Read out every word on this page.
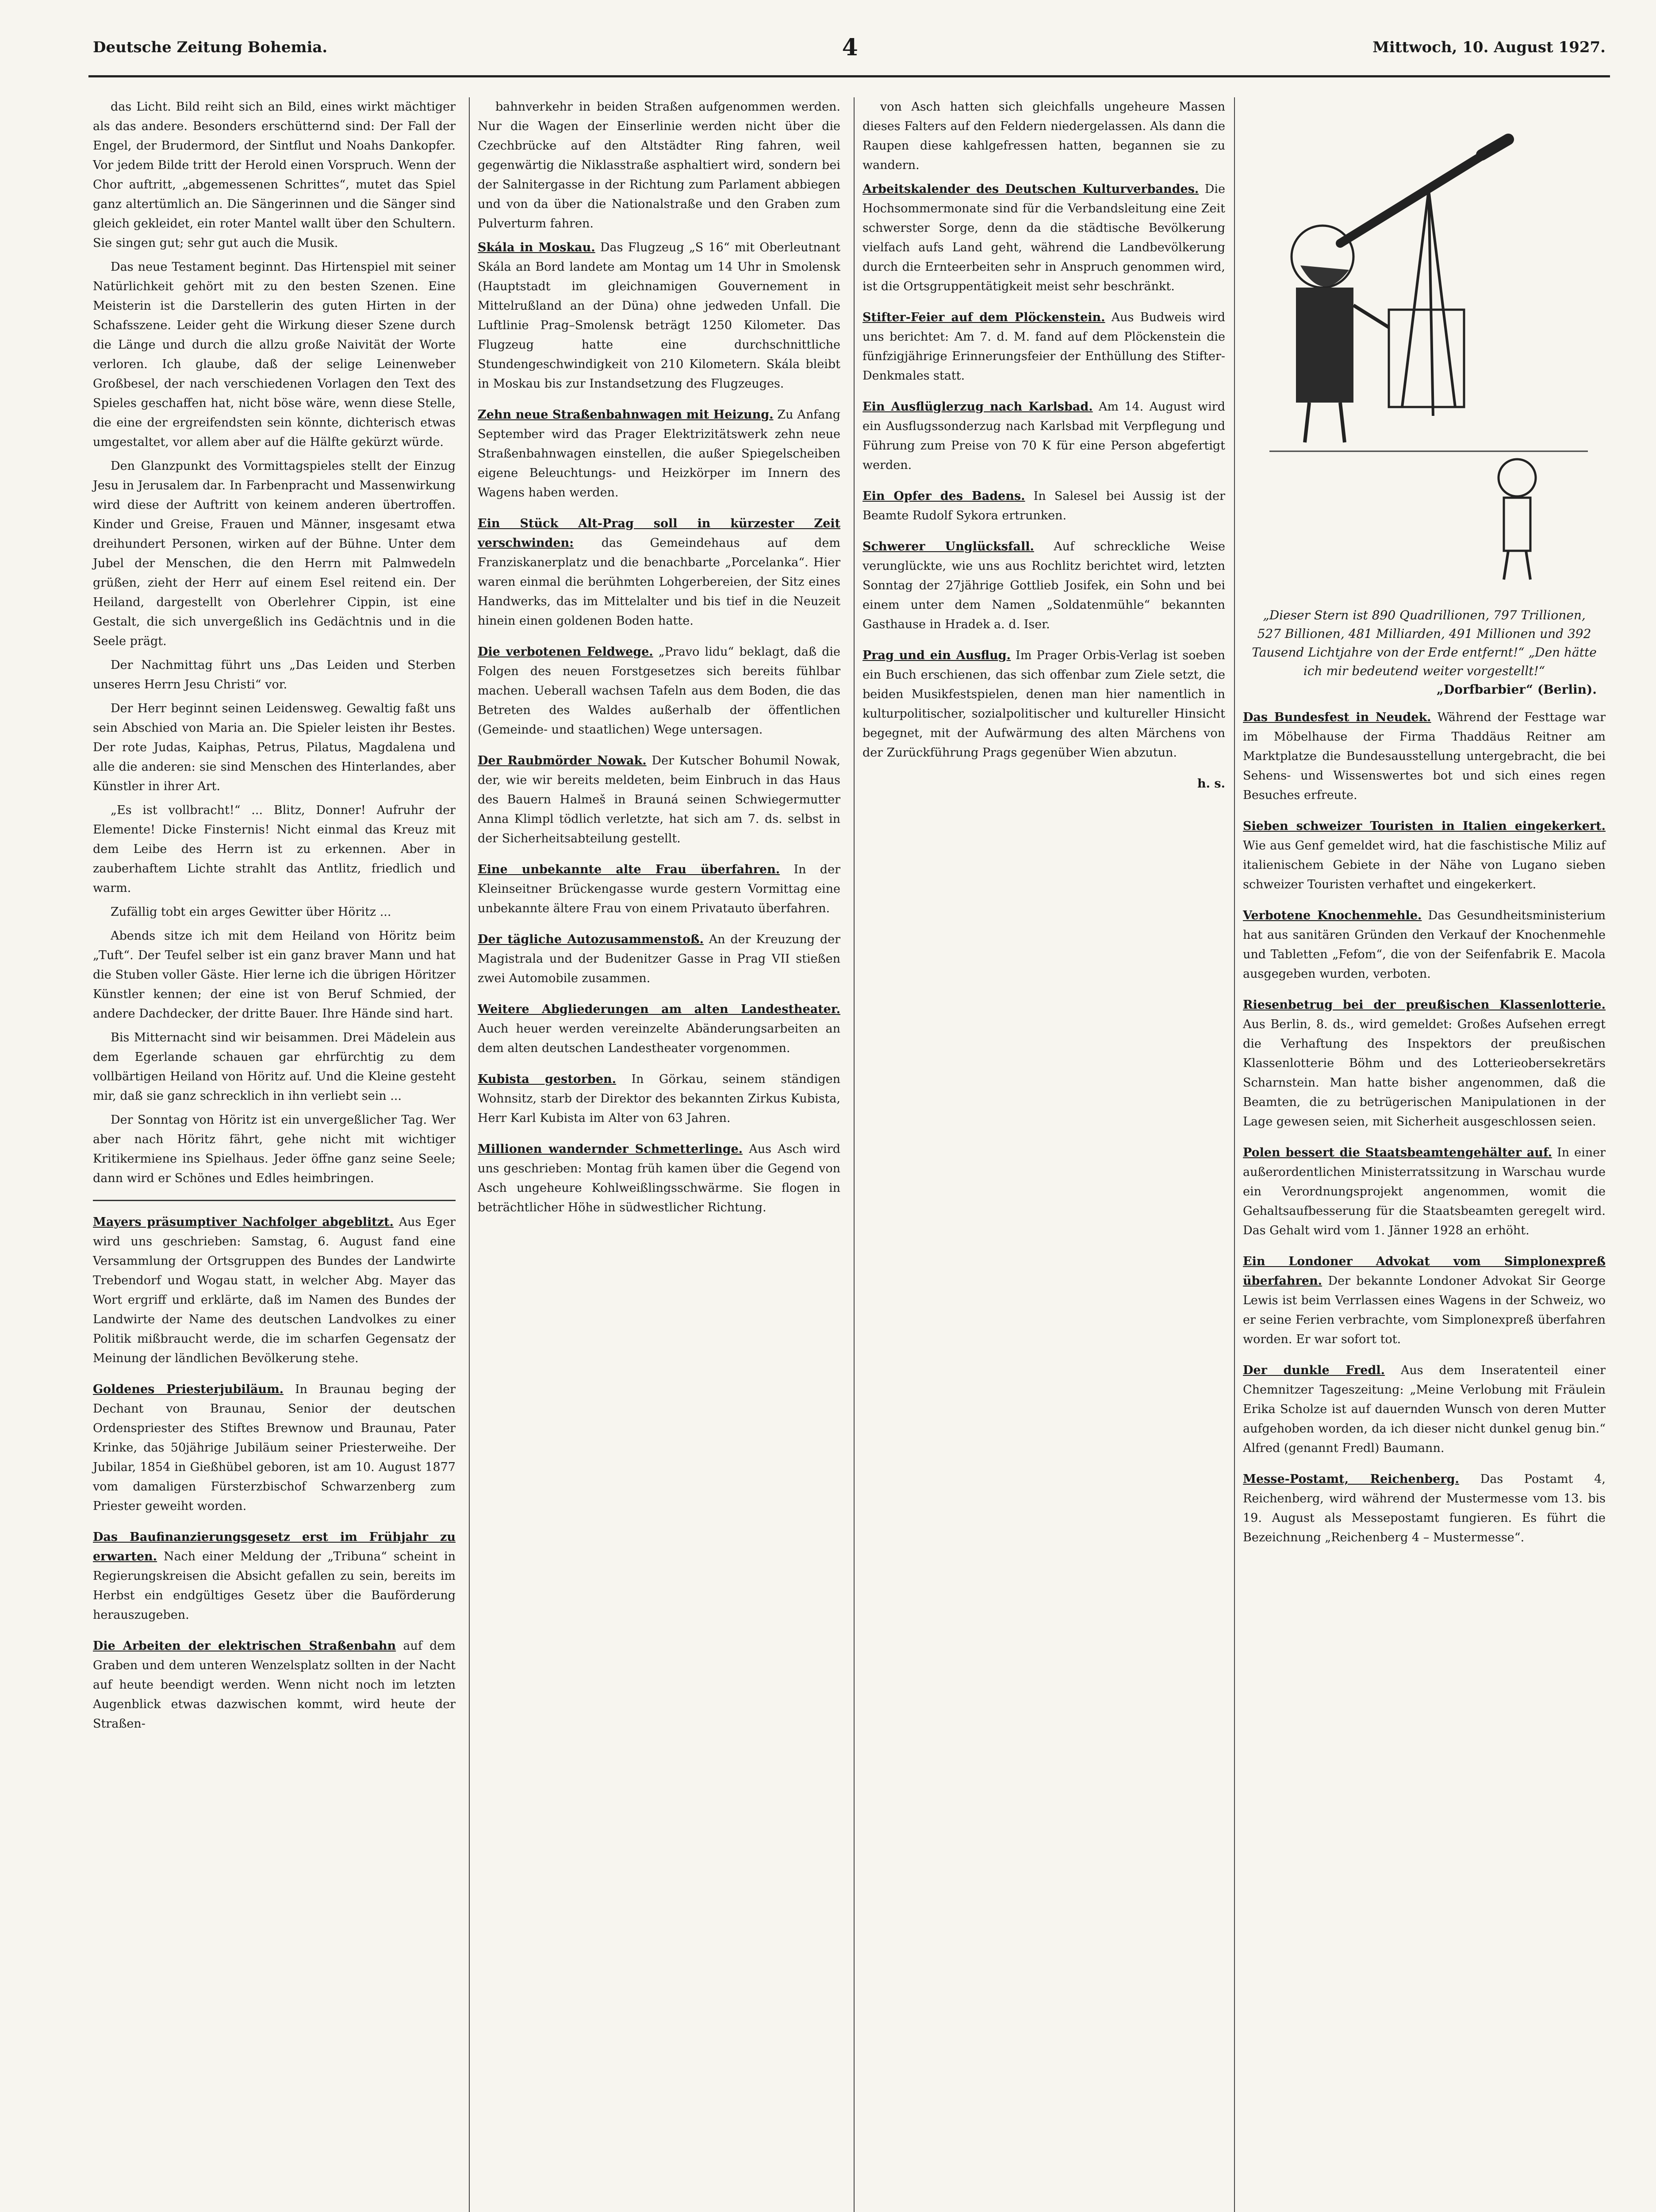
Deutsche Zeitung Bohemia.	4	Mittwoch, 10. August 1927.

das Licht. Bild reiht sich an Bild, eines wirkt mächtiger als das andere. Besonders erschütternd sind: Der Fall der Engel, der Brudermord, der Sintflut und Noahs Dankopfer. Vor jedem Bilde tritt der Herold einen Vorspruch. Wenn der Chor auftritt, „abgemessenen Schrittes“, mutet das Spiel ganz altertümlich an. Die Sängerinnen und die Sänger sind gleich gekleidet, ein roter Mantel wallt über den Schultern. Sie singen gut; sehr gut auch die Musik.

Das neue Testament beginnt. Das Hirtenspiel mit seiner Natürlichkeit gehört mit zu den besten Szenen. Eine Meisterin ist die Darstellerin des guten Hirten in der Schafsszene. Leider geht die Wirkung dieser Szene durch die Länge und durch die allzu große Naivität der Worte verloren. Ich glaube, daß der selige Leinenweber Großbesel, der nach verschiedenen Vorlagen den Text des Spieles geschaffen hat, nicht böse wäre, wenn diese Stelle, die eine der ergreifendsten sein könnte, dichterisch etwas umgestaltet, vor allem aber auf die Hälfte gekürzt würde.

Den Glanzpunkt des Vormittagspieles stellt der Einzug Jesu in Jerusalem dar. In Farbenpracht und Massenwirkung wird diese der Auftritt von keinem anderen übertroffen. Kinder und Greise, Frauen und Männer, insgesamt etwa dreihundert Personen, wirken auf der Bühne. Unter dem Jubel der Menschen, die den Herrn mit Palmwedeln grüßen, zieht der Herr auf einem Esel reitend ein. Der Heiland, dargestellt von Oberlehrer Cippin, ist eine Gestalt, die sich unvergeßlich ins Gedächtnis und in die Seele prägt.

Der Nachmittag führt uns „Das Leiden und Sterben unseres Herrn Jesu Christi“ vor.

Der Herr beginnt seinen Leidensweg. Gewaltig faßt uns sein Abschied von Maria an. Die Spieler leisten ihr Bestes. Der rote Judas, Kaiphas, Petrus, Pilatus, Magdalena und alle die anderen: sie sind Menschen des Hinterlandes, aber Künstler in ihrer Art.

„Es ist vollbracht!“ ... Blitz, Donner! Aufruhr der Elemente! Dicke Finsternis! Nicht einmal das Kreuz mit dem Leibe des Herrn ist zu erkennen. Aber in zauberhaftem Lichte strahlt das Antlitz, friedlich und warm.

Zufällig tobt ein arges Gewitter über Höritz ...

Abends sitze ich mit dem Heiland von Höritz beim „Tuft“. Der Teufel selber ist ein ganz braver Mann und hat die Stuben voller Gäste. Hier lerne ich die übrigen Höritzer Künstler kennen; der eine ist von Beruf Schmied, der andere Dachdecker, der dritte Bauer. Ihre Hände sind hart.

Bis Mitternacht sind wir beisammen. Drei Mädelein aus dem Egerlande schauen gar ehrfürchtig zu dem vollbärtigen Heiland von Höritz auf. Und die Kleine gesteht mir, daß sie ganz schrecklich in ihn verliebt sein ...

Der Sonntag von Höritz ist ein unvergeßlicher Tag. Wer aber nach Höritz fährt, gehe nicht mit wichtiger Kritikermiene ins Spielhaus. Jeder öffne ganz seine Seele; dann wird er Schönes und Edles heimbringen.

Mayers präsumptiver Nachfolger abgeblitzt. Aus Eger wird uns geschrieben: Samstag, 6. August fand eine Versammlung der Ortsgruppen des Bundes der Landwirte Trebendorf und Wogau statt, in welcher Abg. Mayer das Wort ergriff und erklärte, daß im Namen des Bundes der Landwirte der Name des deutschen Landvolkes zu einer Politik mißbraucht werde, die im scharfen Gegensatz der Meinung der ländlichen Bevölkerung stehe.
Goldenes Priesterjubiläum. In Braunau beging der Dechant von Braunau, Senior der deutschen Ordenspriester des Stiftes Brewnow und Braunau, Pater Krinke, das 50jährige Jubiläum seiner Priesterweihe. Der Jubilar, 1854 in Gießhübel geboren, ist am 10. August 1877 vom damaligen Fürsterzbischof Schwarzenberg zum Priester geweiht worden.
Das Baufinanzierungsgesetz erst im Frühjahr zu erwarten. Nach einer Meldung der „Tribuna“ scheint in Regierungskreisen die Absicht gefallen zu sein, bereits im Herbst ein endgültiges Gesetz über die Bauförderung herauszugeben.
Die Arbeiten der elektrischen Straßenbahn auf dem Graben und dem unteren Wenzelsplatz sollten in der Nacht auf heute beendigt werden. Wenn nicht noch im letzten Augenblick etwas dazwischen kommt, wird heute der Straßen-

bahnverkehr in beiden Straßen aufgenommen werden. Nur die Wagen der Einserlinie werden nicht über die Czechbrücke auf den Altstädter Ring fahren, weil gegenwärtig die Niklasstraße asphaltiert wird, sondern bei der Salnitergasse in der Richtung zum Parlament abbiegen und von da über die Nationalstraße und den Graben zum Pulverturm fahren.

Skála in Moskau. Das Flugzeug „S 16“ mit Oberleutnant Skála an Bord landete am Montag um 14 Uhr in Smolensk (Hauptstadt im gleichnamigen Gouvernement in Mittelrußland an der Düna) ohne jedweden Unfall. Die Luftlinie Prag–Smolensk beträgt 1250 Kilometer. Das Flugzeug hatte eine durchschnittliche Stundengeschwindigkeit von 210 Kilometern. Skála bleibt in Moskau bis zur Instandsetzung des Flugzeuges.
Zehn neue Straßenbahnwagen mit Heizung. Zu Anfang September wird das Prager Elektrizitätswerk zehn neue Straßenbahnwagen einstellen, die außer Spiegelscheiben eigene Beleuchtungs- und Heizkörper im Innern des Wagens haben werden.
Ein Stück Alt-Prag soll in kürzester Zeit verschwinden: das Gemeindehaus auf dem Franziskanerplatz und die benachbarte „Porcelanka“. Hier waren einmal die berühmten Lohgerbereien, der Sitz eines Handwerks, das im Mittelalter und bis tief in die Neuzeit hinein einen goldenen Boden hatte.
Die verbotenen Feldwege. „Pravo lidu“ beklagt, daß die Folgen des neuen Forstgesetzes sich bereits fühlbar machen. Ueberall wachsen Tafeln aus dem Boden, die das Betreten des Waldes außerhalb der öffentlichen (Gemeinde- und staatlichen) Wege untersagen.
Der Raubmörder Nowak. Der Kutscher Bohumil Nowak, der, wie wir bereits meldeten, beim Einbruch in das Haus des Bauern Halmeš in Brauná seinen Schwiegermutter Anna Klimpl tödlich verletzte, hat sich am 7. ds. selbst in der Sicherheitsabteilung gestellt.
Eine unbekannte alte Frau überfahren. In der Kleinseitner Brückengasse wurde gestern Vormittag eine unbekannte ältere Frau von einem Privatauto überfahren.
Der tägliche Autozusammenstoß. An der Kreuzung der Magistrala und der Budenitzer Gasse in Prag VII stießen zwei Automobile zusammen.
Weitere Abgliederungen am alten Landestheater. Auch heuer werden vereinzelte Abänderungsarbeiten an dem alten deutschen Landestheater vorgenommen.
Kubista gestorben. In Görkau, seinem ständigen Wohnsitz, starb der Direktor des bekannten Zirkus Kubista, Herr Karl Kubista im Alter von 63 Jahren.
Millionen wandernder Schmetterlinge. Aus Asch wird uns geschrieben: Montag früh kamen über die Gegend von Asch ungeheure Kohlweißlingsschwärme. Sie flogen in beträchtlicher Höhe in südwestlicher Richtung.

von Asch hatten sich gleichfalls ungeheure Massen dieses Falters auf den Feldern niedergelassen. Als dann die Raupen diese kahlgefressen hatten, begannen sie zu wandern.

Arbeitskalender des Deutschen Kulturverbandes. Die Hochsommermonate sind für die Verbandsleitung eine Zeit schwerster Sorge, denn da die städtische Bevölkerung vielfach aufs Land geht, während die Landbevölkerung durch die Ernteerbeiten sehr in Anspruch genommen wird, ist die Ortsgruppentätigkeit meist sehr beschränkt.
Stifter-Feier auf dem Plöckenstein. Aus Budweis wird uns berichtet: Am 7. d. M. fand auf dem Plöckenstein die fünfzigjährige Erinnerungsfeier der Enthüllung des Stifter-Denkmales statt.
Ein Ausflüglerzug nach Karlsbad. Am 14. August wird ein Ausflugssonderzug nach Karlsbad mit Verpflegung und Führung zum Preise von 70 K für eine Person abgefertigt werden.
Ein Opfer des Badens. In Salesel bei Aussig ist der Beamte Rudolf Sykora ertrunken.
Schwerer Unglücksfall. Auf schreckliche Weise verunglückte, wie uns aus Rochlitz berichtet wird, letzten Sonntag der 27jährige Gottlieb Josifek, ein Sohn und bei einem unter dem Namen „Soldatenmühle“ bekannten Gasthause in Hradek a. d. Iser.
Prag und ein Ausflug. Im Prager Orbis-Verlag ist soeben ein Buch erschienen, das sich offenbar zum Ziele setzt, die beiden Musikfestspielen, denen man hier namentlich in kulturpolitischer, sozialpolitischer und kultureller Hinsicht begegnet, mit der Aufwärmung des alten Märchens von der Zurückführung Prags gegenüber Wien abzutun.
h. s.
„Dieser Stern ist 890 Quadrillionen, 797 Trillionen, 527 Billionen, 481 Milliarden, 491 Millionen und 392 Tausend Lichtjahre von der Erde entfernt!“ „Den hätte ich mir bedeutend weiter vorgestellt!“
„Dorfbarbier“ (Berlin).
Das Bundesfest in Neudek. Während der Festtage war im Möbelhause der Firma Thaddäus Reitner am Marktplatze die Bundesausstellung untergebracht, die bei Sehens- und Wissenswertes bot und sich eines regen Besuches erfreute.
Sieben schweizer Touristen in Italien eingekerkert. Wie aus Genf gemeldet wird, hat die faschistische Miliz auf italienischem Gebiete in der Nähe von Lugano sieben schweizer Touristen verhaftet und eingekerkert.
Verbotene Knochenmehle. Das Gesundheitsministerium hat aus sanitären Gründen den Verkauf der Knochenmehle und Tabletten „Fefom“, die von der Seifenfabrik E. Macola ausgegeben wurden, verboten.
Riesenbetrug bei der preußischen Klassenlotterie. Aus Berlin, 8. ds., wird gemeldet: Großes Aufsehen erregt die Verhaftung des Inspektors der preußischen Klassenlotterie Böhm und des Lotterieobersekretärs Scharnstein. Man hatte bisher angenommen, daß die Beamten, die zu betrügerischen Manipulationen in der Lage gewesen seien, mit Sicherheit ausgeschlossen seien.
Polen bessert die Staatsbeamtengehälter auf. In einer außerordentlichen Ministerratssitzung in Warschau wurde ein Verordnungsprojekt angenommen, womit die Gehaltsaufbesserung für die Staatsbeamten geregelt wird. Das Gehalt wird vom 1. Jänner 1928 an erhöht.
Ein Londoner Advokat vom Simplonexpreß überfahren. Der bekannte Londoner Advokat Sir George Lewis ist beim Verrlassen eines Wagens in der Schweiz, wo er seine Ferien verbrachte, vom Simplonexpreß überfahren worden. Er war sofort tot.
Der dunkle Fredl. Aus dem Inseratenteil einer Chemnitzer Tageszeitung: „Meine Verlobung mit Fräulein Erika Scholze ist auf dauernden Wunsch von deren Mutter aufgehoben worden, da ich dieser nicht dunkel genug bin.“ Alfred (genannt Fredl) Baumann.
Messe-Postamt, Reichenberg. Das Postamt 4, Reichenberg, wird während der Mustermesse vom 13. bis 19. August als Messepostamt fungieren. Es führt die Bezeichnung „Reichenberg 4 – Mustermesse“.
